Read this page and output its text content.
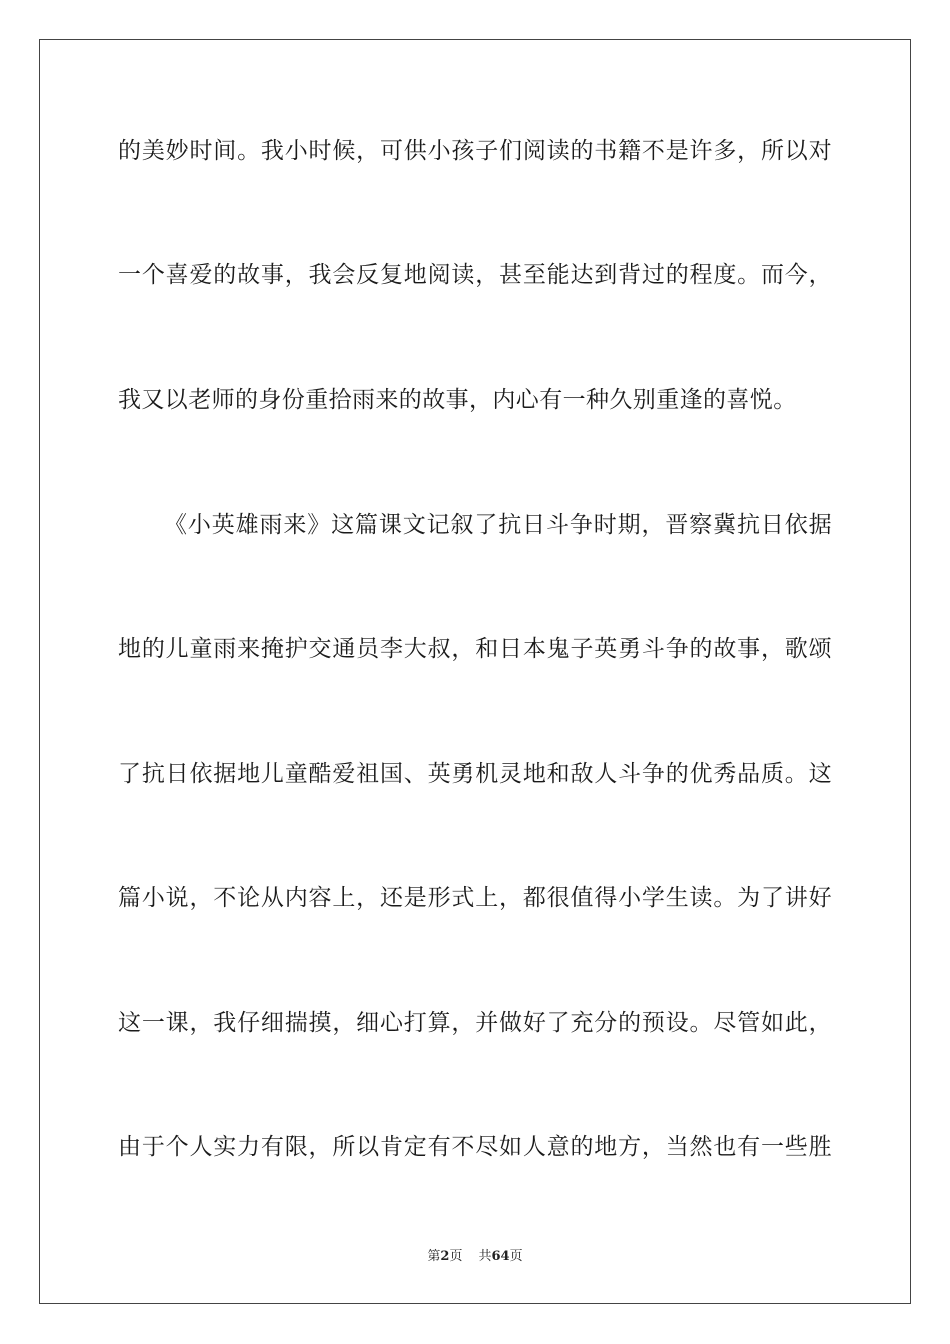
的美妙时间。我小时候，可供小孩子们阅读的书籍不是许多，所以对
一个喜爱的故事，我会反复地阅读，甚至能达到背过的程度。而今，
我又以老师的身份重拾雨来的故事，内心有一种久别重逢的喜悦。
《小英雄雨来》这篇课文记叙了抗日斗争时期，晋察冀抗日依据
地的儿童雨来掩护交通员李大叔，和日本鬼子英勇斗争的故事，歌颂
了抗日依据地儿童酷爱祖国、英勇机灵地和敌人斗争的优秀品质。这
篇小说，不论从内容上，还是形式上，都很值得小学生读。为了讲好
这一课，我仔细揣摸，细心打算，并做好了充分的预设。尽管如此，
由于个人实力有限，所以肯定有不尽如人意的地方，当然也有一些胜
第2页 共64页
